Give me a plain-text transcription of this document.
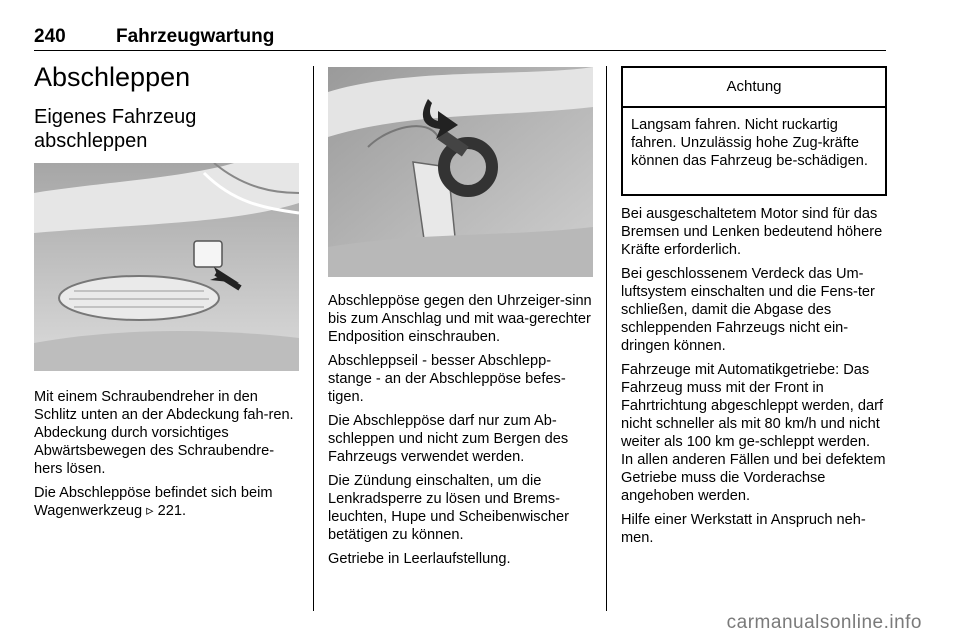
240	Fahrzeugwartung
Abschleppen
Eigenes Fahrzeug abschleppen

Mit einem Schraubendreher in den Schlitz unten an der Abdeckung fah-ren. Abdeckung durch vorsichtiges Abwärtsbewegen des Schraubendre-hers lösen.

Die Abschleppöse befindet sich beim Wagenwerkzeug ▹ 221.

Abschleppöse gegen den Uhrzeiger-sinn bis zum Anschlag und mit waa-gerechter Endposition einschrauben.

Abschleppseil - besser Abschlepp-stange - an der Abschleppöse befes-tigen.

Die Abschleppöse darf nur zum Ab-schleppen und nicht zum Bergen des Fahrzeugs verwendet werden.

Die Zündung einschalten, um die Lenkradsperre zu lösen und Brems-leuchten, Hupe und Scheibenwischer betätigen zu können.

Getriebe in Leerlaufstellung.

Achtung
Langsam fahren. Nicht ruckartig fahren. Unzulässig hohe Zug-kräfte können das Fahrzeug be-schädigen.

Bei ausgeschaltetem Motor sind für das Bremsen und Lenken bedeutend höhere Kräfte erforderlich.

Bei geschlossenem Verdeck das Um-luftsystem einschalten und die Fens-ter schließen, damit die Abgase des schleppenden Fahrzeugs nicht ein-dringen können.

Fahrzeuge mit Automatikgetriebe: Das Fahrzeug muss mit der Front in Fahrtrichtung abgeschleppt werden, darf nicht schneller als mit 80 km/h und nicht weiter als 100 km ge-schleppt werden. In allen anderen Fällen und bei defektem Getriebe muss die Vorderachse angehoben werden.

Hilfe einer Werkstatt in Anspruch neh-men.

carmanualsonline.info
